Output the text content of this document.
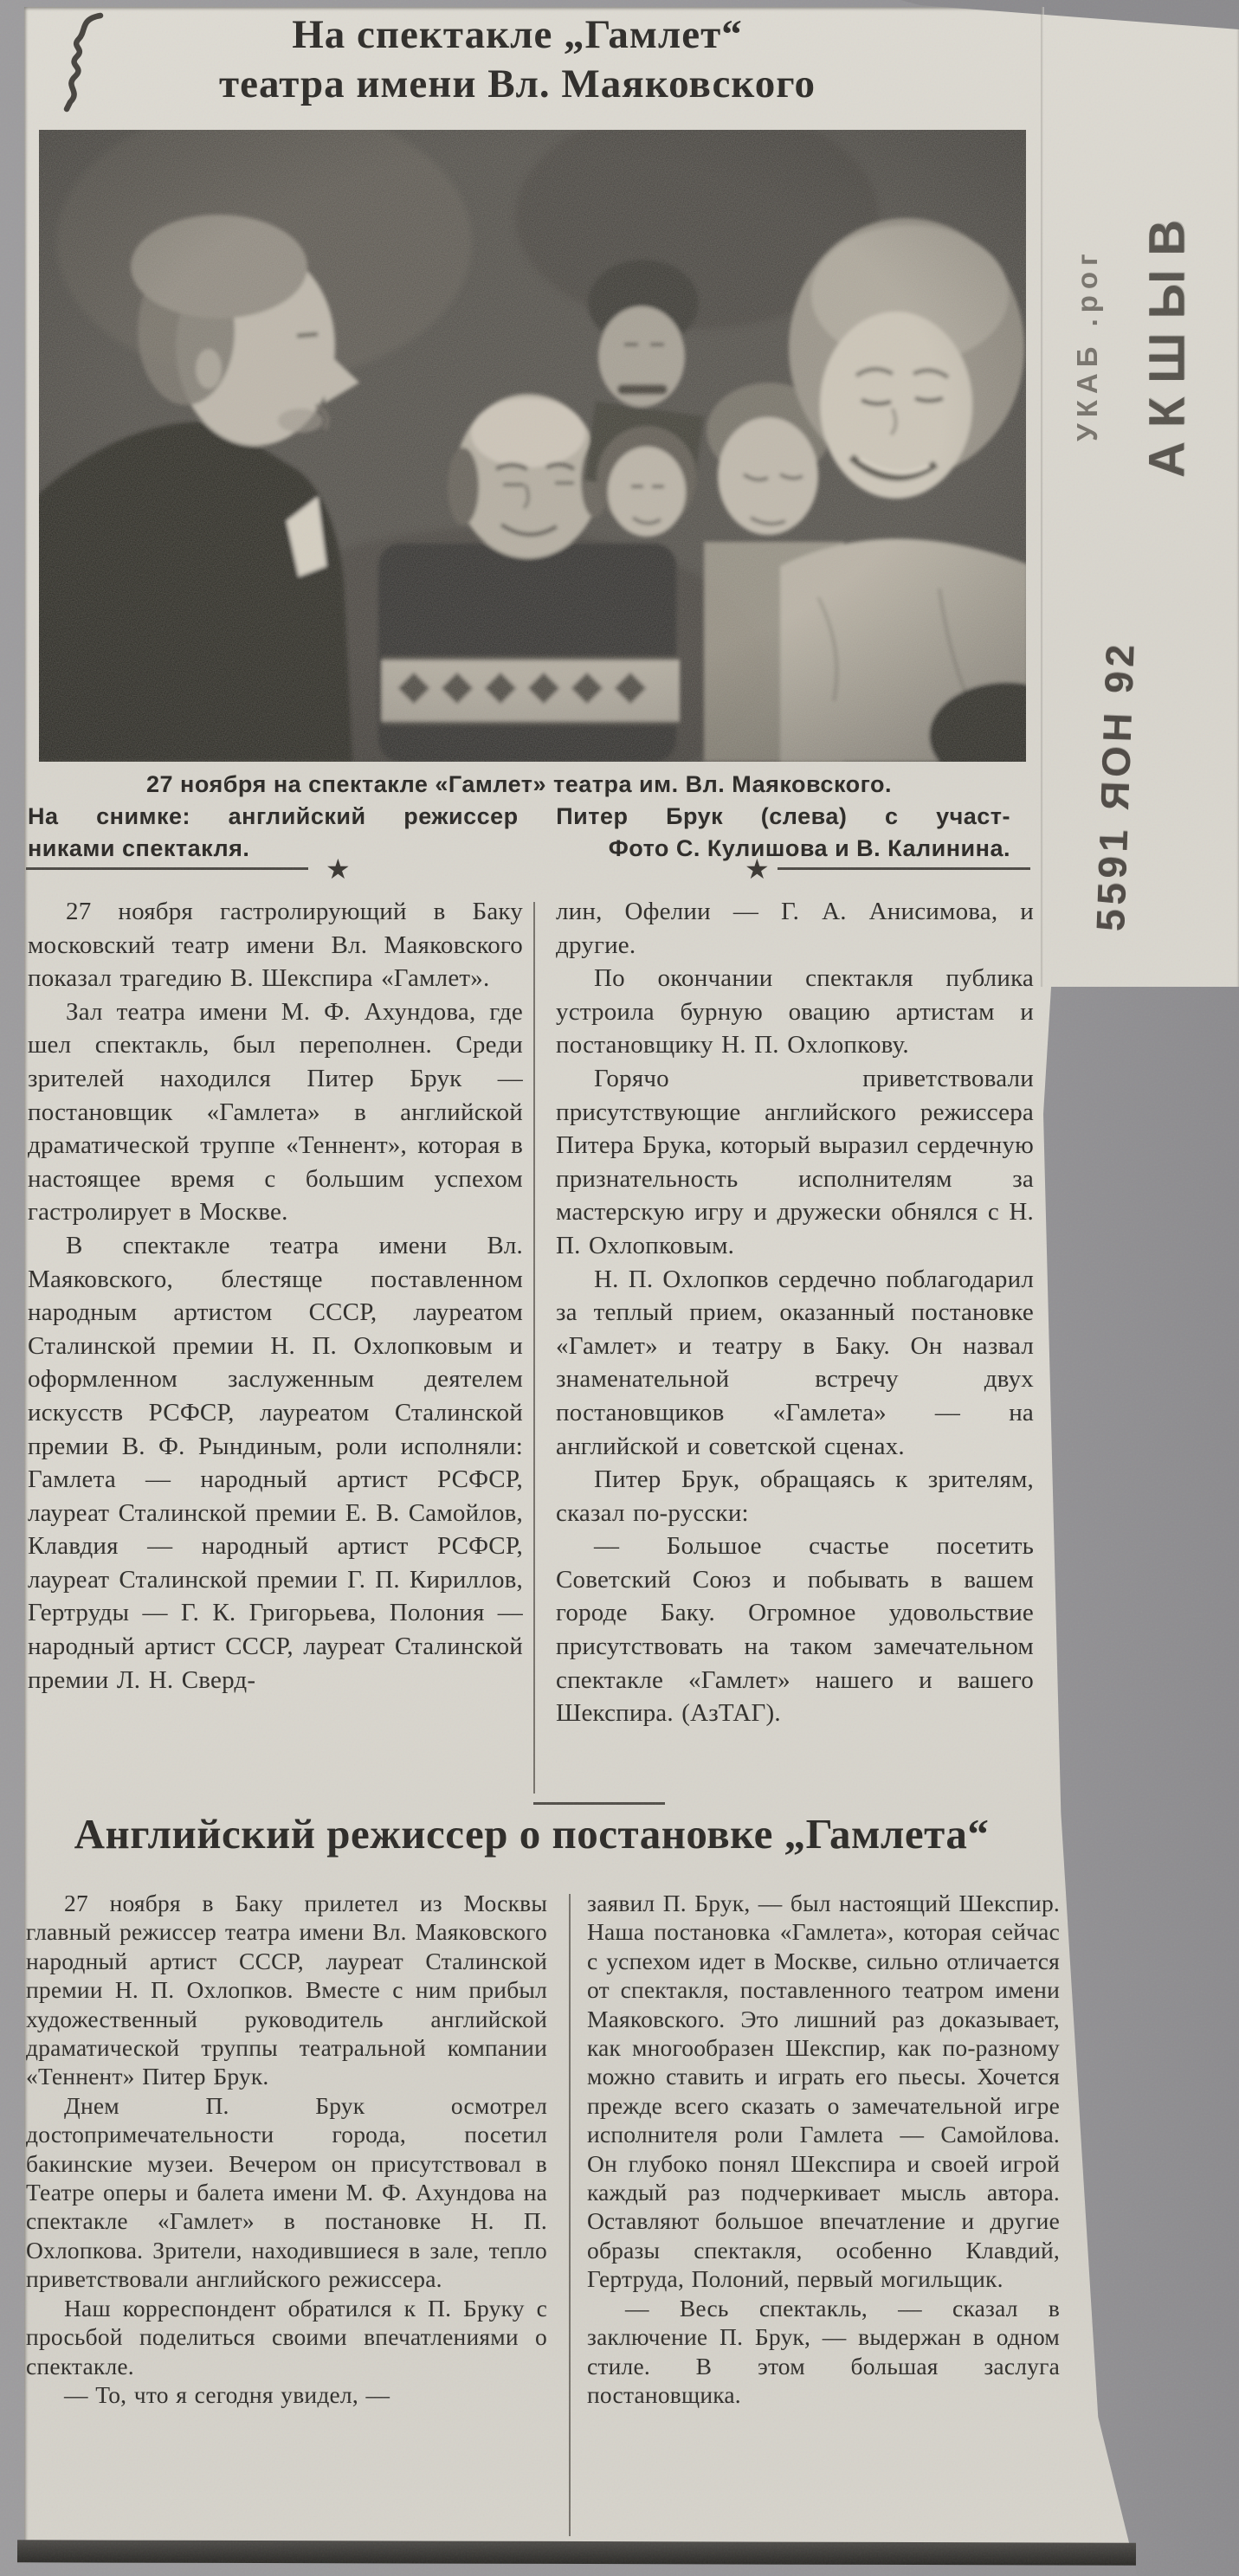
На спектакле „Гамлет“
театра имени Вл. Маяковского
27 ноября на спектакле «Гамлет» театра им. Вл. Маяковского.
На снимке: английский режиссер Питер Брук (слева) с участ-
никами спектакля.	Фото С. Кулишова и В. Калинина.
★	★

27 ноября гастролирующий в Баку московский театр имени Вл. Маяковского показал трагедию В. Шекспира «Гамлет».

Зал театра имени М. Ф. Ахундова, где шел спектакль, был переполнен. Среди зрителей находился Питер Брук — постановщик «Гамлета» в английской драматической труппе «Теннент», которая в настоящее время с большим успехом гастролирует в Москве.

В спектакле театра имени Вл. Маяковского, блестяще поставленном народным артистом СССР, лауреатом Сталинской премии Н. П. Охлопковым и оформленном заслуженным деятелем искусств РСФСР, лауреатом Сталинской премии В. Ф. Рындиным, роли исполняли: Гамлета — народный артист РСФСР, лауреат Сталинской премии Е. В. Самойлов, Клавдия — народный артист РСФСР, лауреат Сталинской премии Г. П. Кириллов, Гертруды — Г. К. Григорьева, Полония — народный артист СССР, лауреат Сталинской премии Л. Н. Сверд-

лин, Офелии — Г. А. Анисимова, и другие.

По окончании спектакля публика устроила бурную овацию артистам и постановщику Н. П. Охлопкову.

Горячо приветствовали присутствующие английского режиссера Питера Брука, который выразил сердечную признательность исполнителям за мастерскую игру и дружески обнялся с Н. П. Охлопковым.

Н. П. Охлопков сердечно поблагодарил за теплый прием, оказанный постановке «Гамлет» и театру в Баку. Он назвал знаменательной встречу двух постановщиков «Гамлета» — на английской и советской сценах.

Питер Брук, обращаясь к зрителям, сказал по-русски:

— Большое счастье посетить Советский Союз и побывать в вашем городе Баку. Огромное удовольствие присутствовать на таком замечательном спектакле «Гамлет» нашего и вашего Шекспира. (АзТАГ).

Английский режиссер о постановке „Гамлета“

27 ноября в Баку прилетел из Москвы главный режиссер театра имени Вл. Маяковского народный артист СССР, лауреат Сталинской премии Н. П. Охлопков. Вместе с ним прибыл художественный руководитель английской драматической труппы театральной компании «Теннент» Питер Брук.

Днем П. Брук осмотрел достопримечательности города, посетил бакинские музеи. Вечером он присутствовал в Театре оперы и балета имени М. Ф. Ахундова на спектакле «Гамлет» в постановке Н. П. Охлопкова. Зрители, находившиеся в зале, тепло приветствовали английского режиссера.

Наш корреспондент обратился к П. Бруку с просьбой поделиться своими впечатлениями о спектакле.

— То, что я сегодня увидел, —

заявил П. Брук, — был настоящий Шекспир. Наша постановка «Гамлета», которая сейчас с успехом идет в Москве, сильно отличается от спектакля, поставленного театром имени Маяковского. Это лишний раз доказывает, как многообразен Шекспир, как по-разному можно ставить и играть его пьесы. Хочется прежде всего сказать о замечательной игре исполнителя роли Гамлета — Самойлова. Он глубоко понял Шекспира и своей игрой каждый раз подчеркивает мысль автора. Оставляют большое впечатление и другие образы спектакля, особенно Клавдий, Гертруда, Полоний, первый могильщик.

— Весь спектакль, — сказал в заключение П. Брук, — выдержан в одном стиле. В этом большая заслуга постановщика.

ВЫШКА
гор. БАКУ
29 НОЯ 1955
